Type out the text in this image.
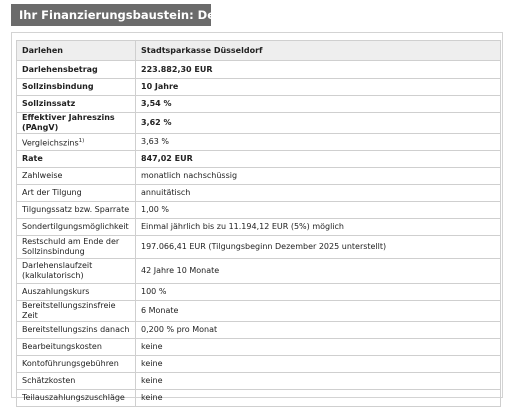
Ihr Finanzierungsbaustein: Details
Darlehen	Stadtsparkasse Düsseldorf
Darlehensbetrag	223.882,30 EUR
Sollzinsbindung	10 Jahre
Sollzinssatz	3,54 %
Effektiver Jahreszins (PAngV)	3,62 %
Vergleichszins$^{1)}$	3,63 %
Rate	847,02 EUR
Zahlweise	monatlich nachschüssig
Art der Tilgung	annuitätisch
Tilgungssatz bzw. Sparrate	1,00 %
Sondertilgungsmöglichkeit	Einmal jährlich bis zu 11.194,12 EUR (5%) möglich
Restschuld am Ende der Sollzinsbindung	197.066,41 EUR (Tilgungsbeginn Dezember 2025 unterstellt)
Darlehenslaufzeit (kalkulatorisch)	42 Jahre 10 Monate
Auszahlungskurs	100 %
Bereitstellungszinsfreie Zeit	6 Monate
Bereitstellungszins danach	0,200 % pro Monat
Bearbeitungskosten	keine
Kontoführungsgebühren	keine
Schätzkosten	keine
Teilauszahlungszuschläge	keine
